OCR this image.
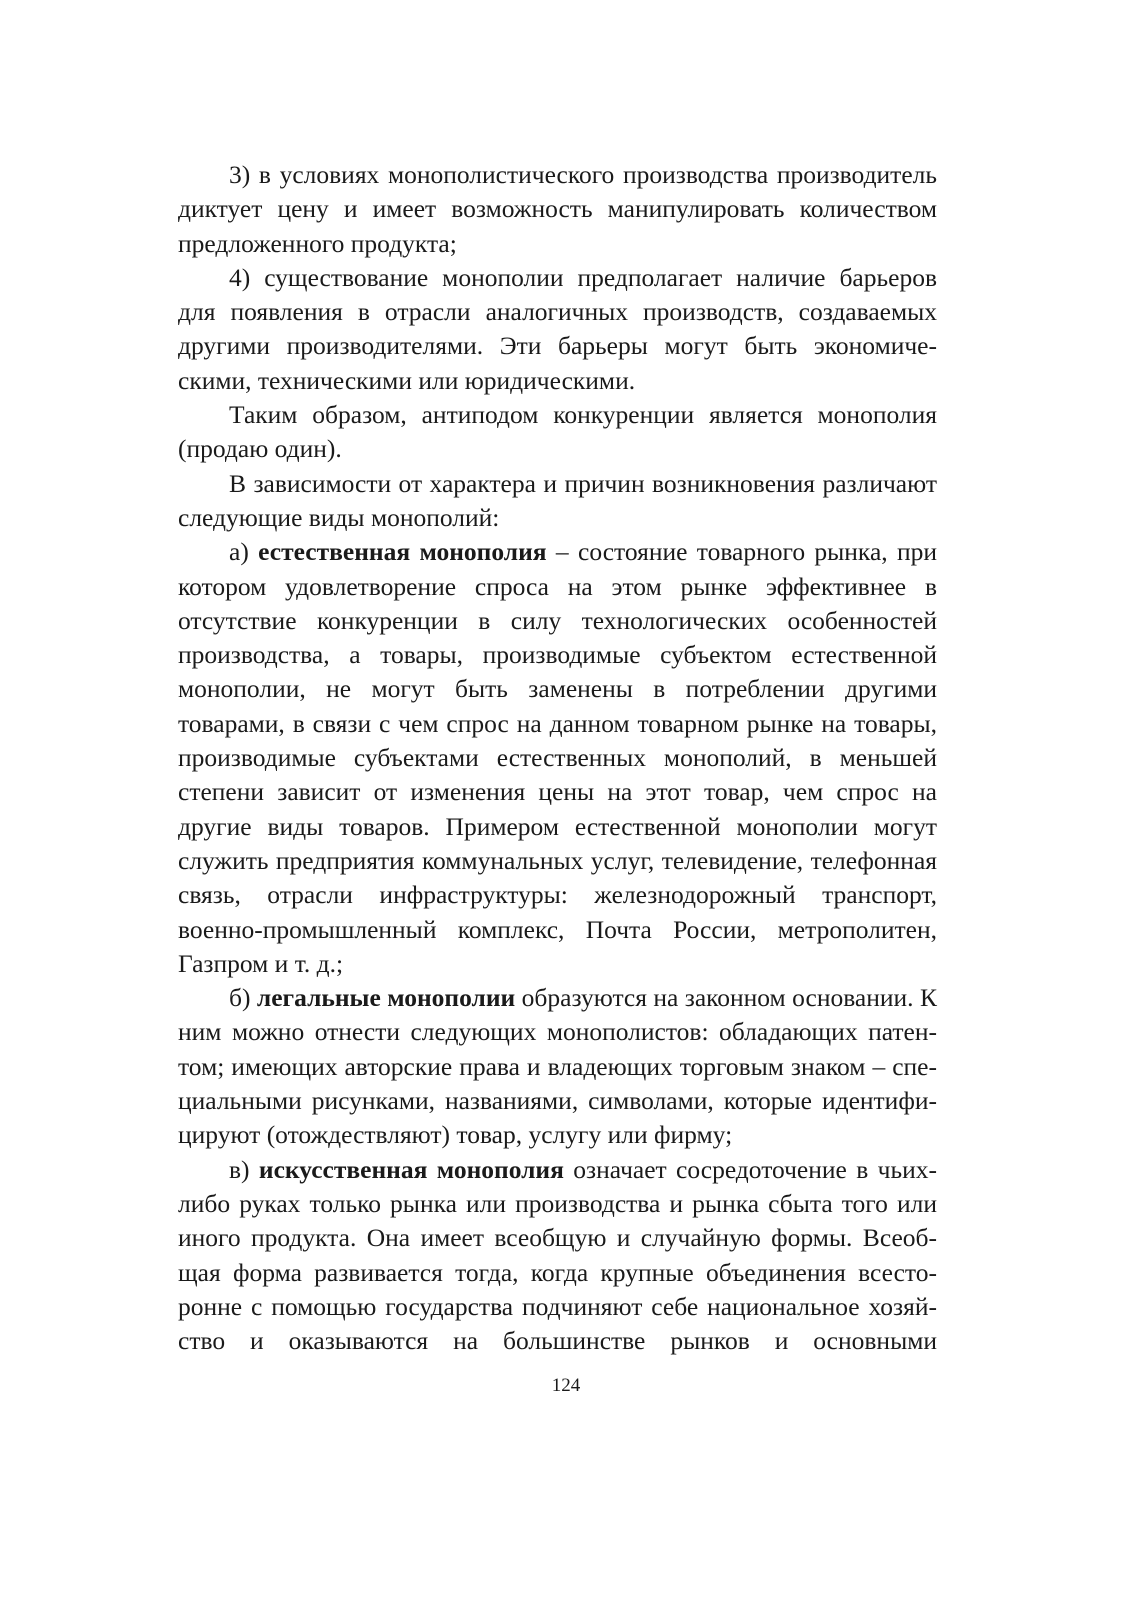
3) в условиях монополистического производства производитель диктует цену и имеет возможность манипулировать количеством предложенного продукта;

4) существование монополии предполагает наличие барьеров для появления в отрасли аналогичных производств, создаваемых другими производителями. Эти барьеры могут быть экономическими, техническими или юридическими.

Таким образом, антиподом конкуренции является монополия (продаю один).

В зависимости от характера и причин возникновения различают следующие виды монополий:

а) естественная монополия – состояние товарного рынка, при котором удовлетворение спроса на этом рынке эффективнее в отсутствие конкуренции в силу технологических особенностей производства, а товары, производимые субъектом естественной монополии, не могут быть заменены в потреблении другими товарами, в связи с чем спрос на данном товарном рынке на товары, производимые субъектами естественных монополий, в меньшей степени зависит от изменения цены на этот товар, чем спрос на другие виды товаров. Примером естественной монополии могут служить предприятия коммунальных услуг, телевидение, телефонная связь, отрасли инфраструктуры: железнодорожный транспорт, военно-промышленный комплекс, Почта России, метрополитен, Газпром и т. д.;

б) легальные монополии образуются на законном основании. К ним можно отнести следующих монополистов: обладающих патентом; имеющих авторские права и владеющих торговым знаком – специальными рисунками, названиями, символами, которые идентифицируют (отождествляют) товар, услугу или фирму;

в) искусственная монополия означает сосредоточение в чьих-либо руках только рынка или производства и рынка сбыта того или иного продукта. Она имеет всеобщую и случайную формы. Всеобщая форма развивается тогда, когда крупные объединения всесторонне с помощью государства подчиняют себе национальное хозяйство и оказываются на большинстве рынков и основными

124
